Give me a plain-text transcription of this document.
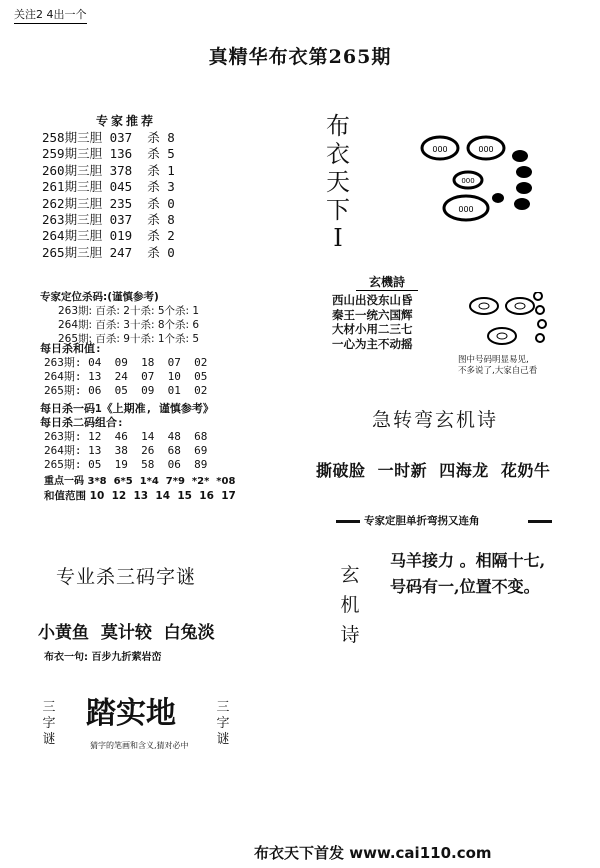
关注2 4出一个
真精华布衣第265期
专家推荐
258期三胆 037  杀 8
259期三胆 136  杀 5
260期三胆 378  杀 1
261期三胆 045  杀 3
262期三胆 235  杀 0
263期三胆 037  杀 8
264期三胆 019  杀 2
265期三胆 247  杀 0
专家定位杀码:(谨慎参考)
263期: 百杀: 2十杀: 5个杀: 1
264期: 百杀: 3十杀: 8个杀: 6
265期: 百杀: 9十杀: 1个杀: 5
每日杀和值:
263期: 04  09  18  07  02
264期: 13  24  07  10  05
265期: 06  05  09  01  02
每日杀一码1《上期准, 谨慎参考》
每日杀二码组合:
263期: 12  46  14  48  68
264期: 13  38  26  68  69
265期: 05  19  58  06  89
重点一码 3*8  6*5  1*4  7*9  *2*  *08
和值范围 10  12  13  14  15  16  17
专业杀三码字谜
小黄鱼  莫计较  白兔淡
布衣一句: 百步九折萦岩峦
三
字
谜
踏实地
猜字的笔画和含义,猜对必中
三
字
谜
布
衣
天
下
I
000	000
000
000
玄機詩
西山出没东山昏
秦王一统六国辉
大材小用二三七
一心为主不动摇
图中号码明显易见,
不多说了,大家自己看
急转弯玄机诗
撕破脸  一时新  四海龙  花奶牛
专家定胆单折弯拐又连角
玄
机
诗
马羊接力 。相隔十七,
号码有一,位置不变。
布衣天下首发 www.cai110.com
